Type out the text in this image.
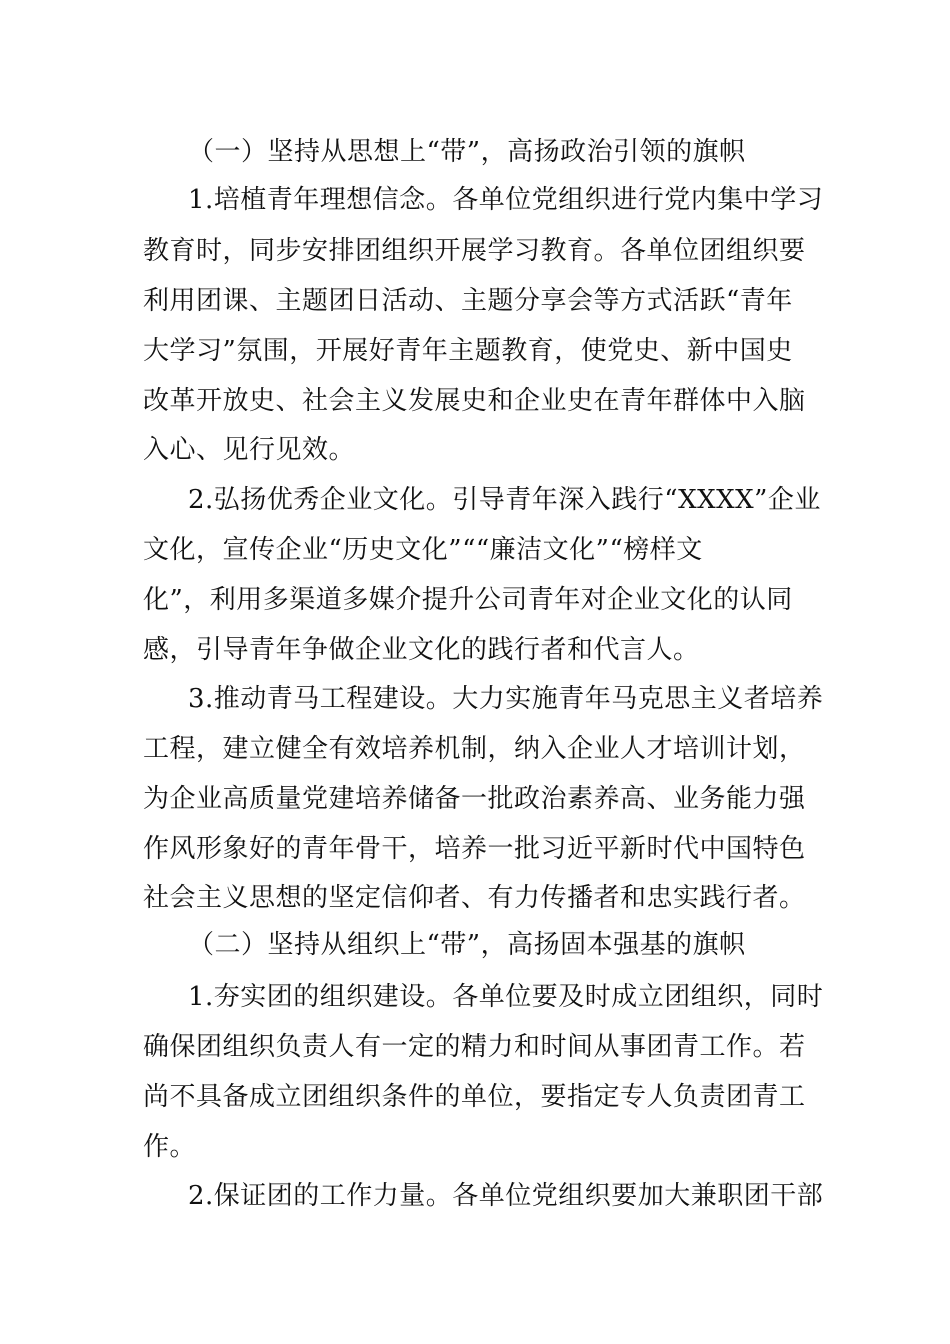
（一）坚持从思想上“带”，高扬政治引领的旗帜
1.培植青年理想信念。各单位党组织进行党内集中学习
教育时，同步安排团组织开展学习教育。各单位团组织要
利用团课、主题团日活动、主题分享会等方式活跃“青年
大学习”氛围，开展好青年主题教育，使党史、新中国史
改革开放史、社会主义发展史和企业史在青年群体中入脑
入心、见行见效。
2.弘扬优秀企业文化。引导青年深入践行“XXXX”企业
文化，宣传企业“历史文化”““廉洁文化”“榜样文
化”，利用多渠道多媒介提升公司青年对企业文化的认同
感，引导青年争做企业文化的践行者和代言人。
3.推动青马工程建设。大力实施青年马克思主义者培养
工程，建立健全有效培养机制，纳入企业人才培训计划，
为企业高质量党建培养储备一批政治素养高、业务能力强
作风形象好的青年骨干，培养一批习近平新时代中国特色
社会主义思想的坚定信仰者、有力传播者和忠实践行者。
（二）坚持从组织上“带”，高扬固本强基的旗帜
1.夯实团的组织建设。各单位要及时成立团组织，同时
确保团组织负责人有一定的精力和时间从事团青工作。若
尚不具备成立团组织条件的单位，要指定专人负责团青工
作。
2.保证团的工作力量。各单位党组织要加大兼职团干部
